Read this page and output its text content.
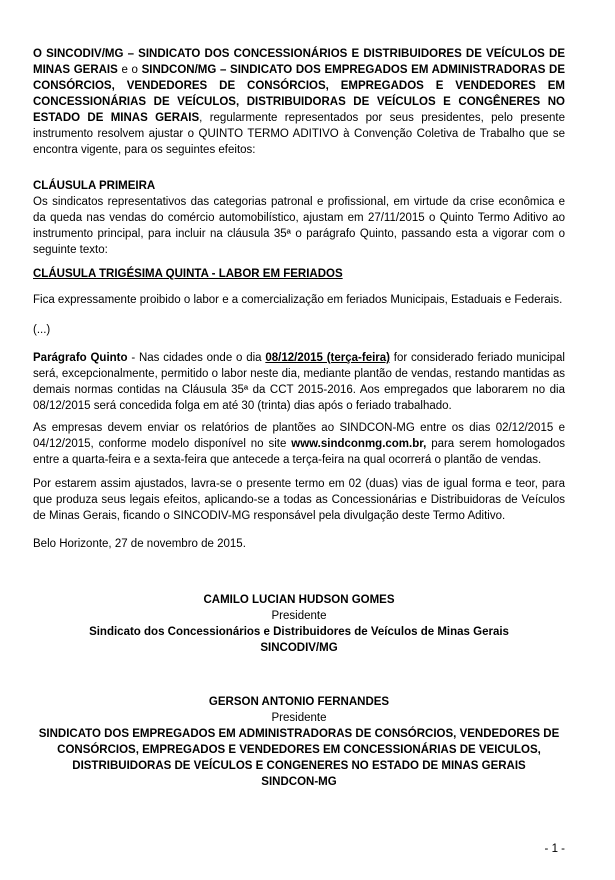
O SINCODIV/MG – SINDICATO DOS CONCESSIONÁRIOS E DISTRIBUIDORES DE VEÍCULOS DE MINAS GERAIS e o SINDCON/MG – SINDICATO DOS EMPREGADOS EM ADMINISTRADORAS DE CONSÓRCIOS, VENDEDORES DE CONSÓRCIOS, EMPREGADOS E VENDEDORES EM CONCESSIONÁRIAS DE VEÍCULOS, DISTRIBUIDORAS DE VEÍCULOS E CONGÊNERES NO ESTADO DE MINAS GERAIS, regularmente representados por seus presidentes, pelo presente instrumento resolvem ajustar o QUINTO TERMO ADITIVO à Convenção Coletiva de Trabalho que se encontra vigente, para os seguintes efeitos:

CLÁUSULA PRIMEIRA

Os sindicatos representativos das categorias patronal e profissional, em virtude da crise econômica e da queda nas vendas do comércio automobilístico, ajustam em 27/11/2015 o Quinto Termo Aditivo ao instrumento principal, para incluir na cláusula 35ª o parágrafo Quinto, passando esta a vigorar com o seguinte texto:

CLÁUSULA TRIGÉSIMA QUINTA - LABOR EM FERIADOS

Fica expressamente proibido o labor e a comercialização em feriados Municipais, Estaduais e Federais.

(...)

Parágrafo Quinto - Nas cidades onde o dia 08/12/2015 (terça-feira) for considerado feriado municipal será, excepcionalmente, permitido o labor neste dia, mediante plantão de vendas, restando mantidas as demais normas contidas na Cláusula 35ª da CCT 2015-2016. Aos empregados que laborarem no dia 08/12/2015 será concedida folga em até 30 (trinta) dias após o feriado trabalhado.

As empresas devem enviar os relatórios de plantões ao SINDCON-MG entre os dias 02/12/2015 e 04/12/2015, conforme modelo disponível no site www.sindconmg.com.br, para serem homologados entre a quarta-feira e a sexta-feira que antecede a terça-feira na qual ocorrerá o plantão de vendas.

Por estarem assim ajustados, lavra-se o presente termo em 02 (duas) vias de igual forma e teor, para que produza seus legais efeitos, aplicando-se a todas as Concessionárias e Distribuidoras de Veículos de Minas Gerais, ficando o SINCODIV-MG responsável pela divulgação deste Termo Aditivo.

Belo Horizonte, 27 de novembro de 2015.

CAMILO LUCIAN HUDSON GOMES

Presidente

Sindicato dos Concessionários e Distribuidores de Veículos de Minas Gerais

SINCODIV/MG

GERSON ANTONIO FERNANDES

Presidente

SINDICATO DOS EMPREGADOS EM ADMINISTRADORAS DE CONSÓRCIOS, VENDEDORES DE CONSÓRCIOS, EMPREGADOS E VENDEDORES EM CONCESSIONÁRIAS DE VEICULOS, DISTRIBUIDORAS DE VEÍCULOS E CONGENERES NO ESTADO DE MINAS GERAIS

SINDCON-MG

- 1 -
